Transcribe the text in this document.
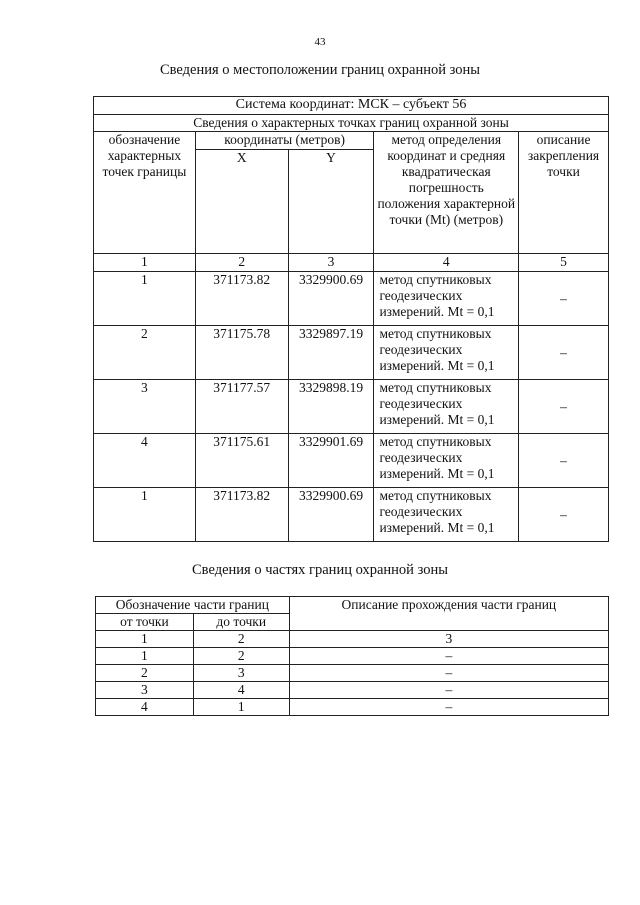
43
Сведения о местоположении границ охранной зоны
Система координат: МСК – субъект 56				
Сведения о характерных точках границ охранной зоны				
обозначение характерных точек границы	координаты (метров)		метод определения координат и средняя квадратическая погрешность положения характерной точки (Mt) (метров)	описание закрепления точки
	X	Y		
1	2	3	4	5
1	371173.82	3329900.69	метод спутниковых геодезических измерений. Mt = 0,1	–
2	371175.78	3329897.19	метод спутниковых геодезических измерений. Mt = 0,1	–
3	371177.57	3329898.19	метод спутниковых геодезических измерений. Mt = 0,1	–
4	371175.61	3329901.69	метод спутниковых геодезических измерений. Mt = 0,1	–
1	371173.82	3329900.69	метод спутниковых геодезических измерений. Mt = 0,1	–
Сведения о частях границ охранной зоны
Обозначение части границ		Описание прохождения части границ
от точки	до точки	
1	2	3
1	2	–
2	3	–
3	4	–
4	1	–
